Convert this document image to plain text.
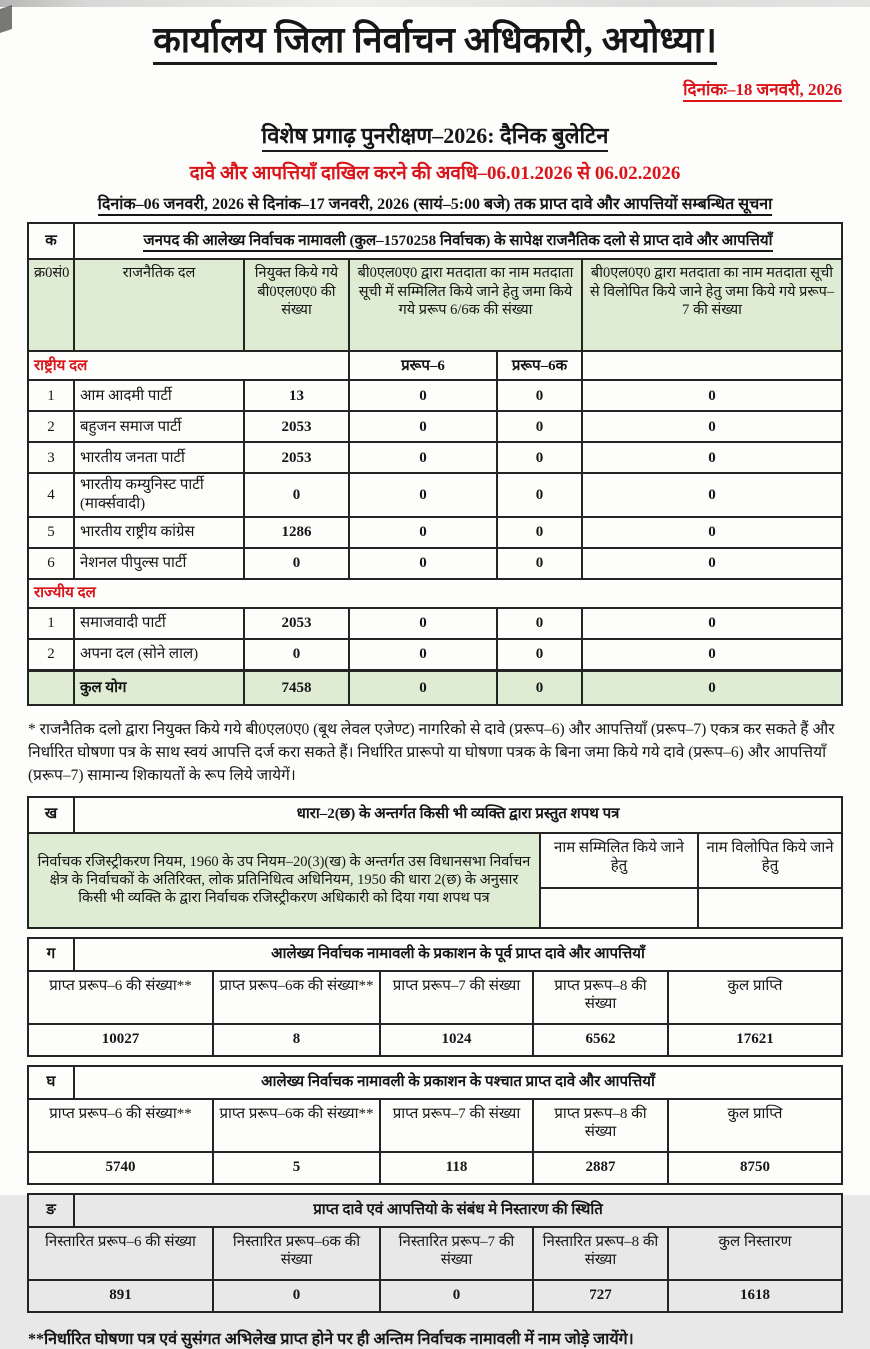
कार्यालय जिला निर्वाचन अधिकारी, अयोध्या।
दिनांकः–18 जनवरी, 2026
विशेष प्रगाढ़ पुनरीक्षण–2026: दैनिक बुलेटिन
दावे और आपत्तियाँ दाखिल करने की अवधि–06.01.2026 से 06.02.2026
दिनांक–06 जनवरी, 2026 से दिनांक–17 जनवरी, 2026 (सायं–5:00 बजे) तक प्राप्त दावे और आपत्तियों सम्बन्धित सूचना
क	जनपद की आलेख्य निर्वाचक नामावली (कुल–1570258 निर्वाचक) के सापेक्ष राजनैतिक दलो से प्राप्त दावे और आपत्तियाँ				
क्र0सं0	राजनैतिक दल	नियुक्त किये गये बी0एल0ए0 की संख्या	बी0एल0ए0 द्वारा मतदाता का नाम मतदाता सूची में सम्मिलित किये जाने हेतु जमा किये गये प्ररूप 6/6क की संख्या		बी0एल0ए0 द्वारा मतदाता का नाम मतदाता सूची से विलोपित किये जाने हेतु जमा किये गये प्ररूप–7 की संख्या
राष्ट्रीय दल			प्ररूप–6	प्ररूप–6क	
1	आम आदमी पार्टी	13	0	0	0
2	बहुजन समाज पार्टी	2053	0	0	0
3	भारतीय जनता पार्टी	2053	0	0	0
4	भारतीय कम्युनिस्ट पार्टी (मार्क्सवादी)	0	0	0	0
5	भारतीय राष्ट्रीय कांग्रेस	1286	0	0	0
6	नेशनल पीपुल्स पार्टी	0	0	0	0
राज्यीय दल					
1	समाजवादी पार्टी	2053	0	0	0
2	अपना दल (सोने लाल)	0	0	0	0
	कुल योग	7458	0	0	0

* राजनैतिक दलो द्वारा नियुक्त किये गये बी0एल0ए0 (बूथ लेवल एजेण्ट) नागरिको से दावे (प्ररूप–6) और आपत्तियाँ (प्ररूप–7) एकत्र कर सकते हैं और निर्धारित घोषणा पत्र के साथ स्वयं आपत्ति दर्ज करा सकते हैं। निर्धारित प्रारूपो या घोषणा पत्रक के बिना जमा किये गये दावे (प्ररूप–6) और आपत्तियाँ (प्ररूप–7) सामान्य शिकायतों के रूप लिये जायेगें।

ख	धारा–2(छ) के अन्तर्गत किसी भी व्यक्ति द्वारा प्रस्तुत शपथ पत्र		
निर्वाचक रजिस्ट्रीकरण नियम, 1960 के उप नियम–20(3)(ख) के अन्तर्गत उस विधानसभा निर्वाचन क्षेत्र के निर्वाचकों के अतिरिक्त, लोक प्रतिनिधित्व अधिनियम, 1950 की धारा 2(छ) के अनुसार किसी भी व्यक्ति के द्वारा निर्वाचक रजिस्ट्रीकरण अधिकारी को दिया गया शपथ पत्र		नाम सम्मिलित किये जाने हेतु	नाम विलोपित किये जाने हेतु

ग	आलेख्य निर्वाचक नामावली के प्रकाशन के पूर्व प्राप्त दावे और आपत्तियाँ				
प्राप्त प्ररूप–6 की संख्या**		प्राप्त प्ररूप–6क की संख्या**	प्राप्त प्ररूप–7 की संख्या	प्राप्त प्ररूप–8 की संख्या	कुल प्राप्ति
10027		8	1024	6562	17621
घ	आलेख्य निर्वाचक नामावली के प्रकाशन के पश्चात प्राप्त दावे और आपत्तियाँ				
प्राप्त प्ररूप–6 की संख्या**		प्राप्त प्ररूप–6क की संख्या**	प्राप्त प्ररूप–7 की संख्या	प्राप्त प्ररूप–8 की संख्या	कुल प्राप्ति
5740		5	118	2887	8750
ङ	प्राप्त दावे एवं आपत्तियो के संबंध मे निस्तारण की स्थिति				
निस्तारित प्ररूप–6 की संख्या		निस्तारित प्ररूप–6क की संख्या	निस्तारित प्ररूप–7 की संख्या	निस्तारित प्ररूप–8 की संख्या	कुल निस्तारण
891		0	0	727	1618

**निर्धारित घोषणा पत्र एवं सुसंगत अभिलेख प्राप्त होने पर ही अन्तिम निर्वाचक नामावली में नाम जोड़े जायेंगे।
